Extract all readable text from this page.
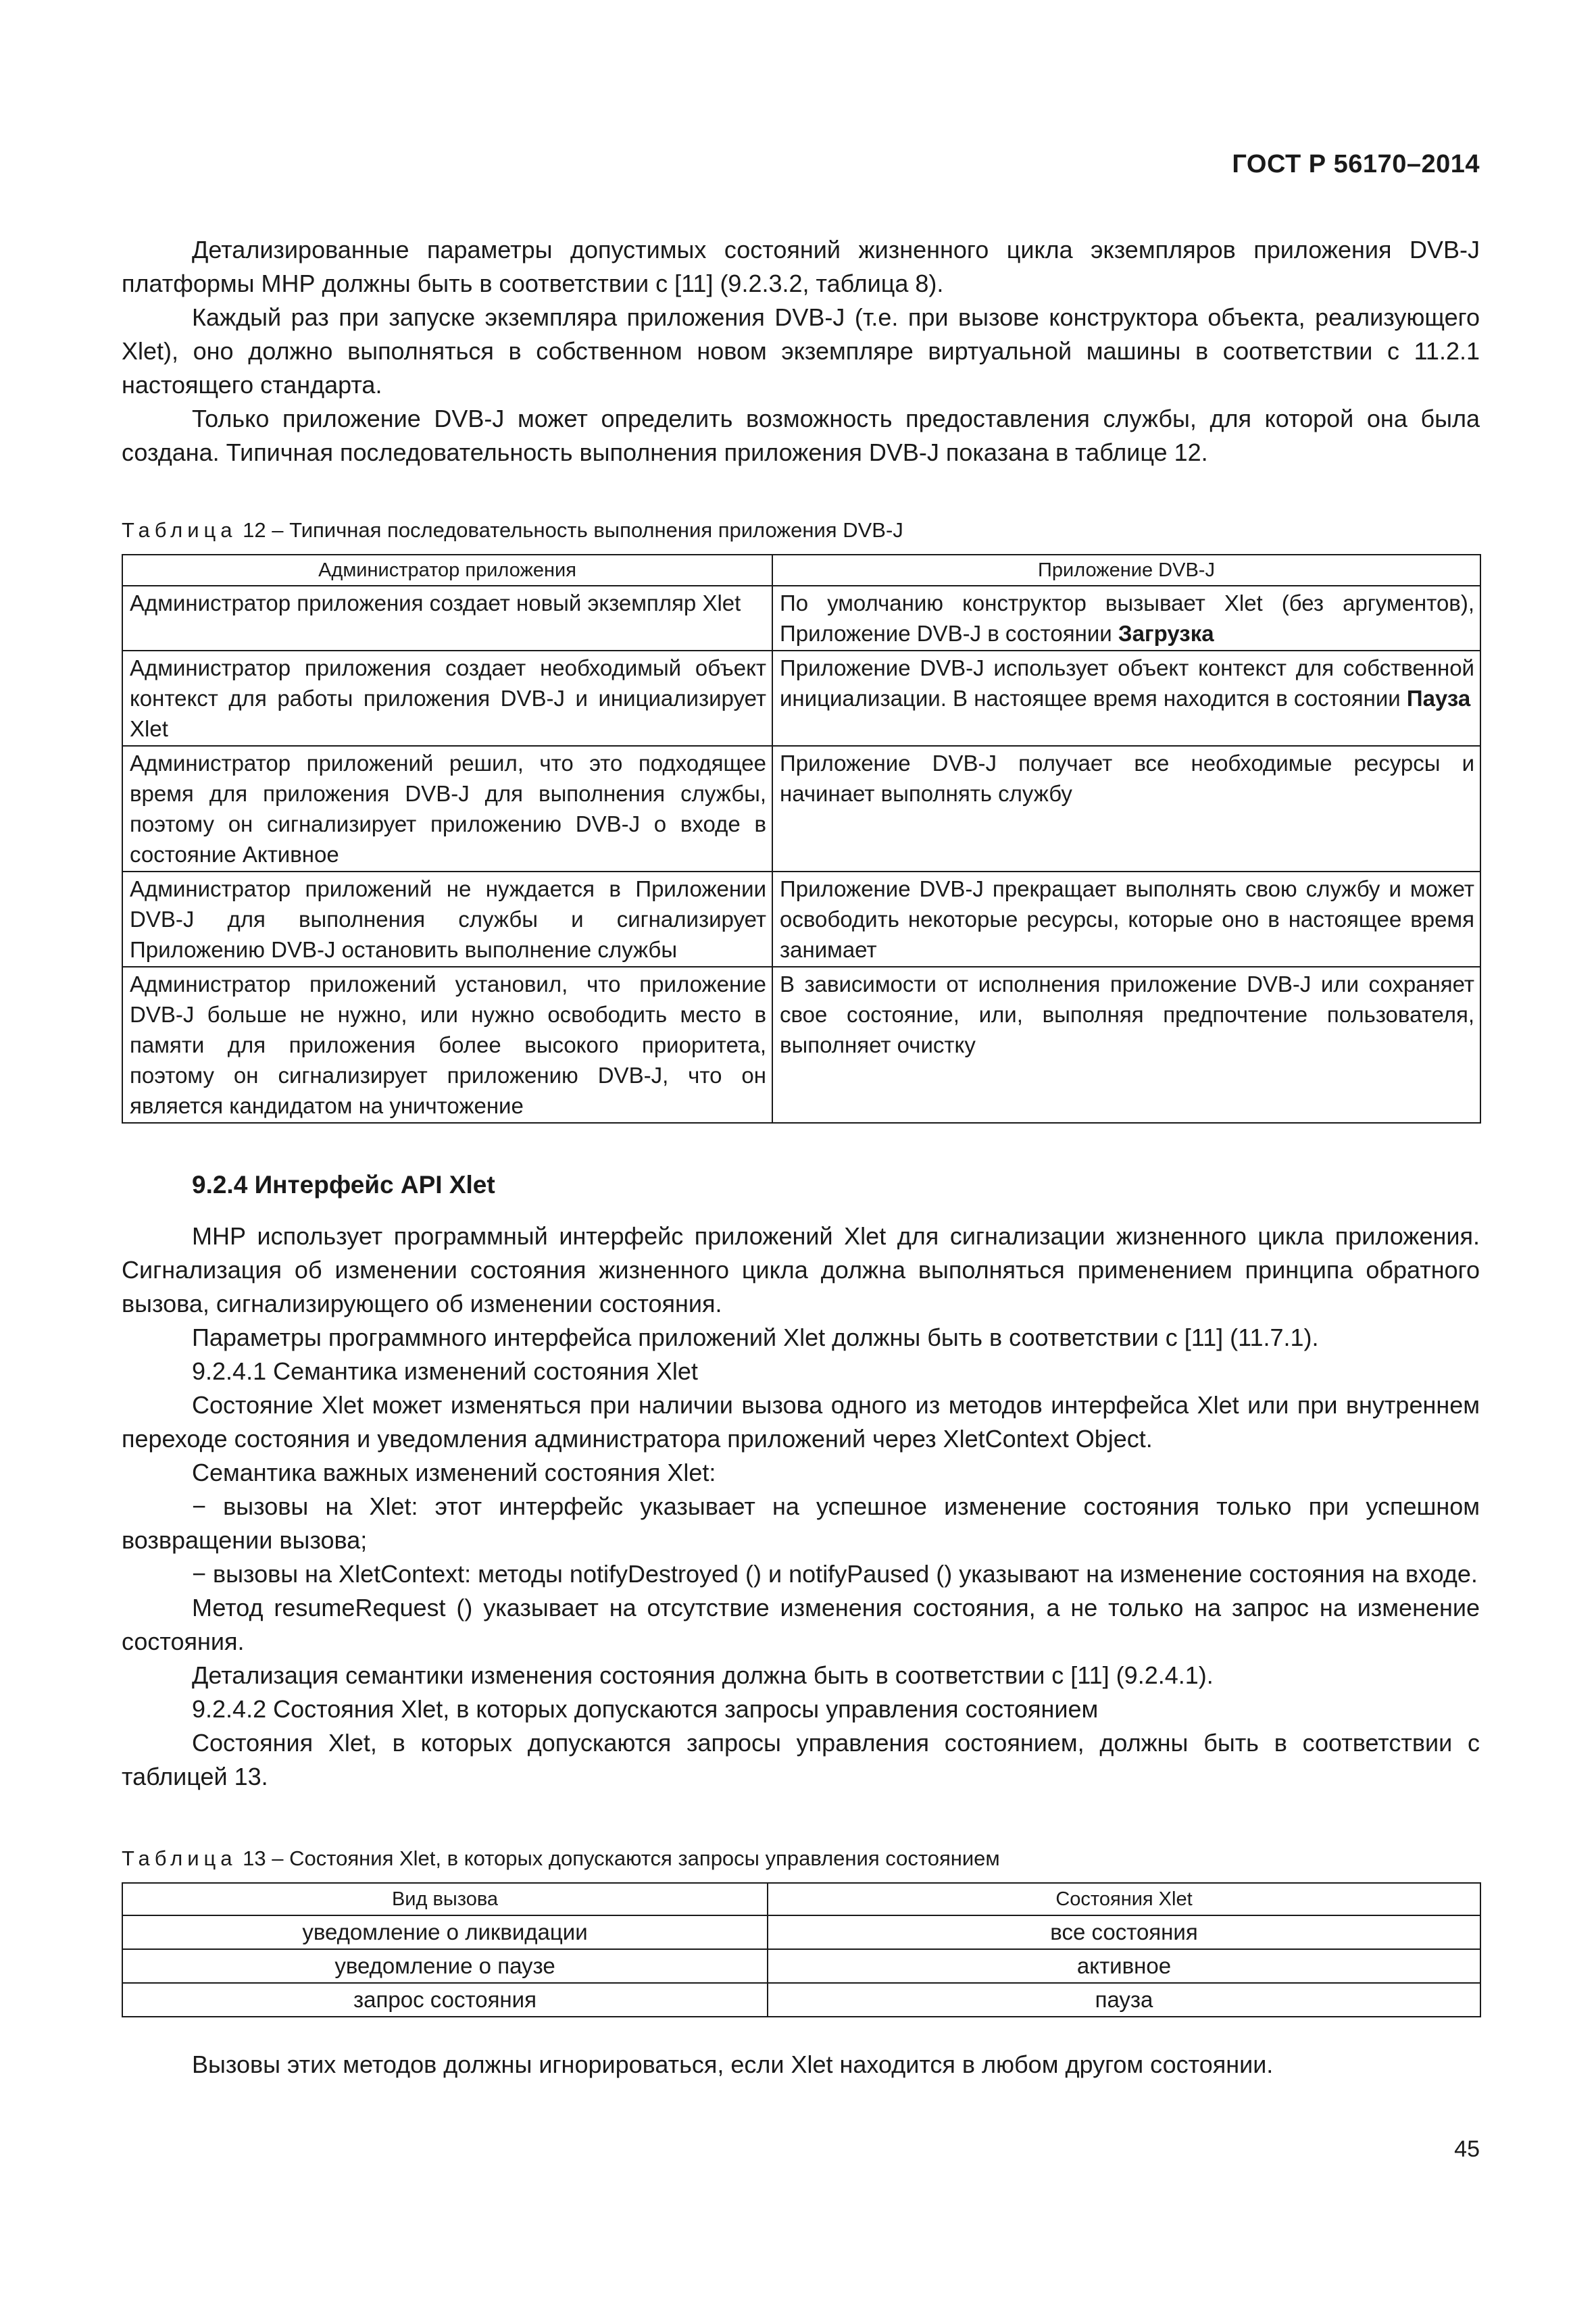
ГОСТ Р 56170–2014

Детализированные параметры допустимых состояний жизненного цикла экземпляров приложения DVB-J платформы МНР должны быть в соответствии с [11] (9.2.3.2, таблица 8).

Каждый раз при запуске экземпляра приложения DVB-J (т.е. при вызове конструктора объекта, реализующего Xlet), оно должно выполняться в собственном новом экземпляре виртуальной машины в соответствии с 11.2.1 настоящего стандарта.

Только приложение DVB-J может определить возможность предоставления службы, для которой она была создана. Типичная последовательность выполнения приложения DVB-J показана в таблице 12.

Таблица 12 – Типичная последовательность выполнения приложения DVB-J

Администратор приложения	Приложение DVB-J
Администратор приложения создает новый экземпляр Xlet	По умолчанию конструктор вызывает Xlet (без аргументов), Приложение DVB-J в состоянии Загрузка
Администратор приложения создает необходимый объект контекст для работы приложения DVB-J и инициализирует Xlet	Приложение DVB-J использует объект контекст для собственной инициализации. В настоящее время находится в состоянии Пауза
Администратор приложений решил, что это подходящее время для приложения DVB-J для выполнения службы, поэтому он сигнализирует приложению DVB-J о входе в состояние Активное	Приложение DVB-J получает все необходимые ресурсы и начинает выполнять службу
Администратор приложений не нуждается в Приложении DVB-J для выполнения службы и сигнализирует Приложению DVB-J остановить выполнение службы	Приложение DVB-J прекращает выполнять свою службу и может освободить некоторые ресурсы, которые оно в настоящее время занимает
Администратор приложений установил, что приложение DVB-J больше не нужно, или нужно освободить место в памяти для приложения более высокого приоритета, поэтому он сигнализирует приложению DVB-J, что он является кандидатом на уничтожение	В зависимости от исполнения приложение DVB-J или сохраняет свое состояние, или, выполняя предпочтение пользователя, выполняет очистку

9.2.4 Интерфейс API Xlet

МНР использует программный интерфейс приложений Xlet для сигнализации жизненного цикла приложения. Сигнализация об изменении состояния жизненного цикла должна выполняться применением принципа обратного вызова, сигнализирующего об изменении состояния.

Параметры программного интерфейса приложений Xlet должны быть в соответствии с [11] (11.7.1).

9.2.4.1 Семантика изменений состояния Xlet

Состояние Xlet может изменяться при наличии вызова одного из методов интерфейса Xlet или при внутреннем переходе состояния и уведомления администратора приложений через XletContext Object.

Семантика важных изменений состояния Xlet:

− вызовы на Xlet: этот интерфейс указывает на успешное изменение состояния только при успешном возвращении вызова;

− вызовы на XletContext: методы notifyDestroyed () и notifyPaused () указывают на изменение состояния на входе.

Метод resumeRequest () указывает на отсутствие изменения состояния, а не только на запрос на изменение состояния.

Детализация семантики изменения состояния должна быть в соответствии с [11] (9.2.4.1).

9.2.4.2 Состояния Xlet, в которых допускаются запросы управления состоянием

Состояния Xlet, в которых допускаются запросы управления состоянием, должны быть в соответствии с таблицей 13.

Таблица 13 – Состояния Xlet, в которых допускаются запросы управления состоянием

Вид вызова	Состояния Xlet
уведомление о ликвидации	все состояния
уведомление о паузе	активное
запрос состояния	пауза

Вызовы этих методов должны игнорироваться, если Xlet находится в любом другом состоянии.

45
